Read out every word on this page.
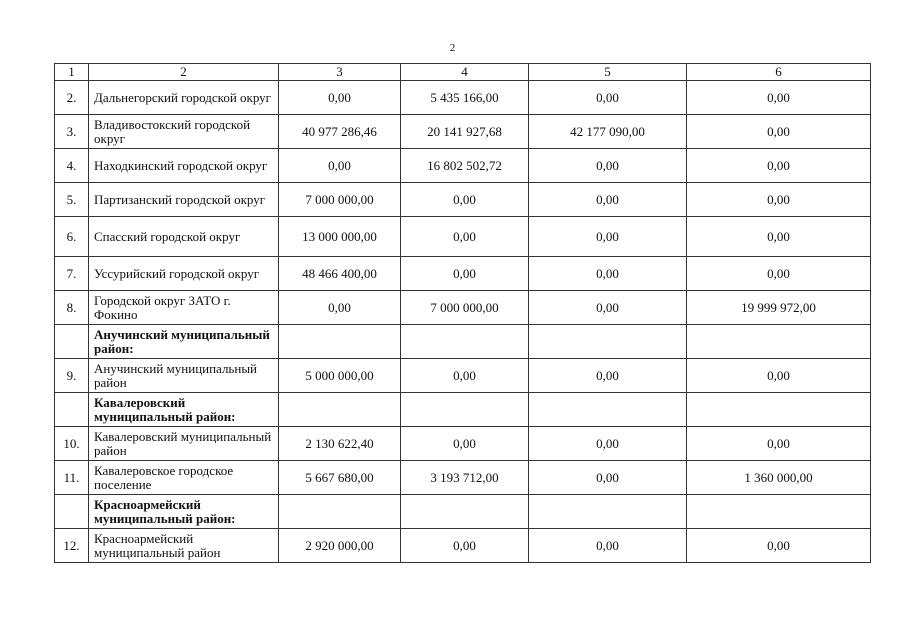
2
1	2	3	4	5	6
2.	Дальнегорский городской округ	0,00	5 435 166,00	0,00	0,00
3.	Владивостокский городской округ	40 977 286,46	20 141 927,68	42 177 090,00	0,00
4.	Находкинский городской округ	0,00	16 802 502,72	0,00	0,00
5.	Партизанский городской округ	7 000 000,00	0,00	0,00	0,00
6.	Спасский городской округ	13 000 000,00	0,00	0,00	0,00
7.	Уссурийский городской округ	48 466 400,00	0,00	0,00	0,00
8.	Городской округ ЗАТО г. Фокино	0,00	7 000 000,00	0,00	19 999 972,00
	Анучинский муниципальный район:				
9.	Анучинский муниципальный район	5 000 000,00	0,00	0,00	0,00
	Кавалеровский муниципальный район:				
10.	Кавалеровский муниципальный район	2 130 622,40	0,00	0,00	0,00
11.	Кавалеровское городское поселение	5 667 680,00	3 193 712,00	0,00	1 360 000,00
	Красноармейский муниципальный район:				
12.	Красноармейский муниципальный район	2 920 000,00	0,00	0,00	0,00
